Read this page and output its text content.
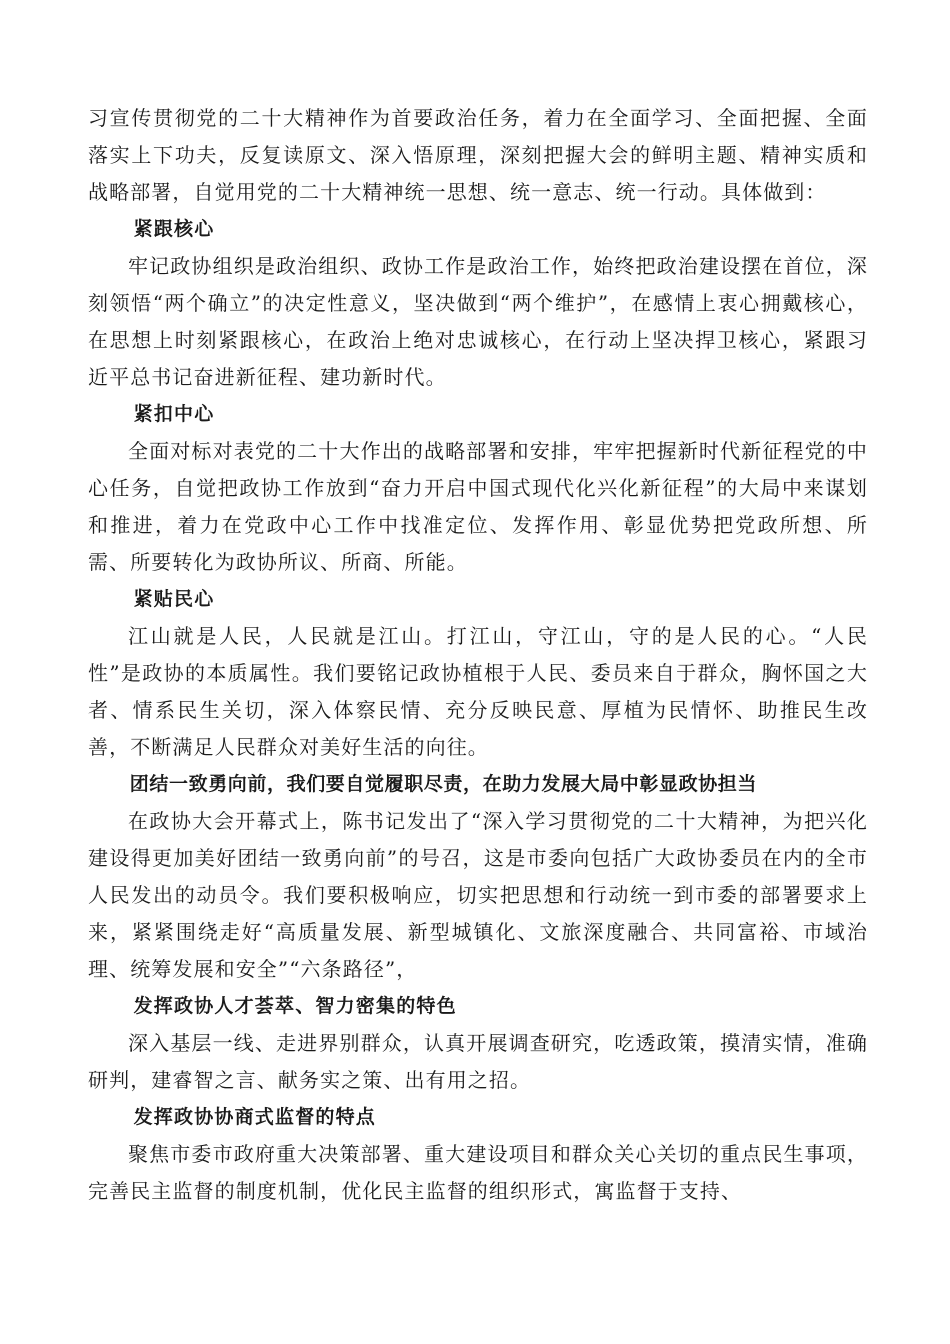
习宣传贯彻党的二十大精神作为首要政治任务，着力在全面学习、全面把握、全面落实上下功夫，反复读原文、深入悟原理，深刻把握大会的鲜明主题、精神实质和战略部署，自觉用党的二十大精神统一思想、统一意志、统一行动。具体做到：

紧跟核心

牢记政协组织是政治组织、政协工作是政治工作，始终把政治建设摆在首位，深刻领悟“两个确立”的决定性意义，坚决做到“两个维护”，在感情上衷心拥戴核心，在思想上时刻紧跟核心，在政治上绝对忠诚核心，在行动上坚决捍卫核心，紧跟习近平总书记奋进新征程、建功新时代。

紧扣中心

全面对标对表党的二十大作出的战略部署和安排，牢牢把握新时代新征程党的中心任务，自觉把政协工作放到“奋力开启中国式现代化兴化新征程”的大局中来谋划和推进，着力在党政中心工作中找准定位、发挥作用、彰显优势把党政所想、所需、所要转化为政协所议、所商、所能。

紧贴民心

江山就是人民，人民就是江山。打江山，守江山，守的是人民的心。“人民性”是政协的本质属性。我们要铭记政协植根于人民、委员来自于群众，胸怀国之大者、情系民生关切，深入体察民情、充分反映民意、厚植为民情怀、助推民生改善，不断满足人民群众对美好生活的向往。

团结一致勇向前，我们要自觉履职尽责，在助力发展大局中彰显政协担当

在政协大会开幕式上，陈书记发出了“深入学习贯彻党的二十大精神，为把兴化建设得更加美好团结一致勇向前”的号召，这是市委向包括广大政协委员在内的全市人民发出的动员令。我们要积极响应，切实把思想和行动统一到市委的部署要求上来，紧紧围绕走好“高质量发展、新型城镇化、文旅深度融合、共同富裕、市域治理、统筹发展和安全”“六条路径”，

发挥政协人才荟萃、智力密集的特色

深入基层一线、走进界别群众，认真开展调查研究，吃透政策，摸清实情，准确研判，建睿智之言、献务实之策、出有用之招。

发挥政协协商式监督的特点

聚焦市委市政府重大决策部署、重大建设项目和群众关心关切的重点民生事项，完善民主监督的制度机制，优化民主监督的组织形式，寓监督于支持、
